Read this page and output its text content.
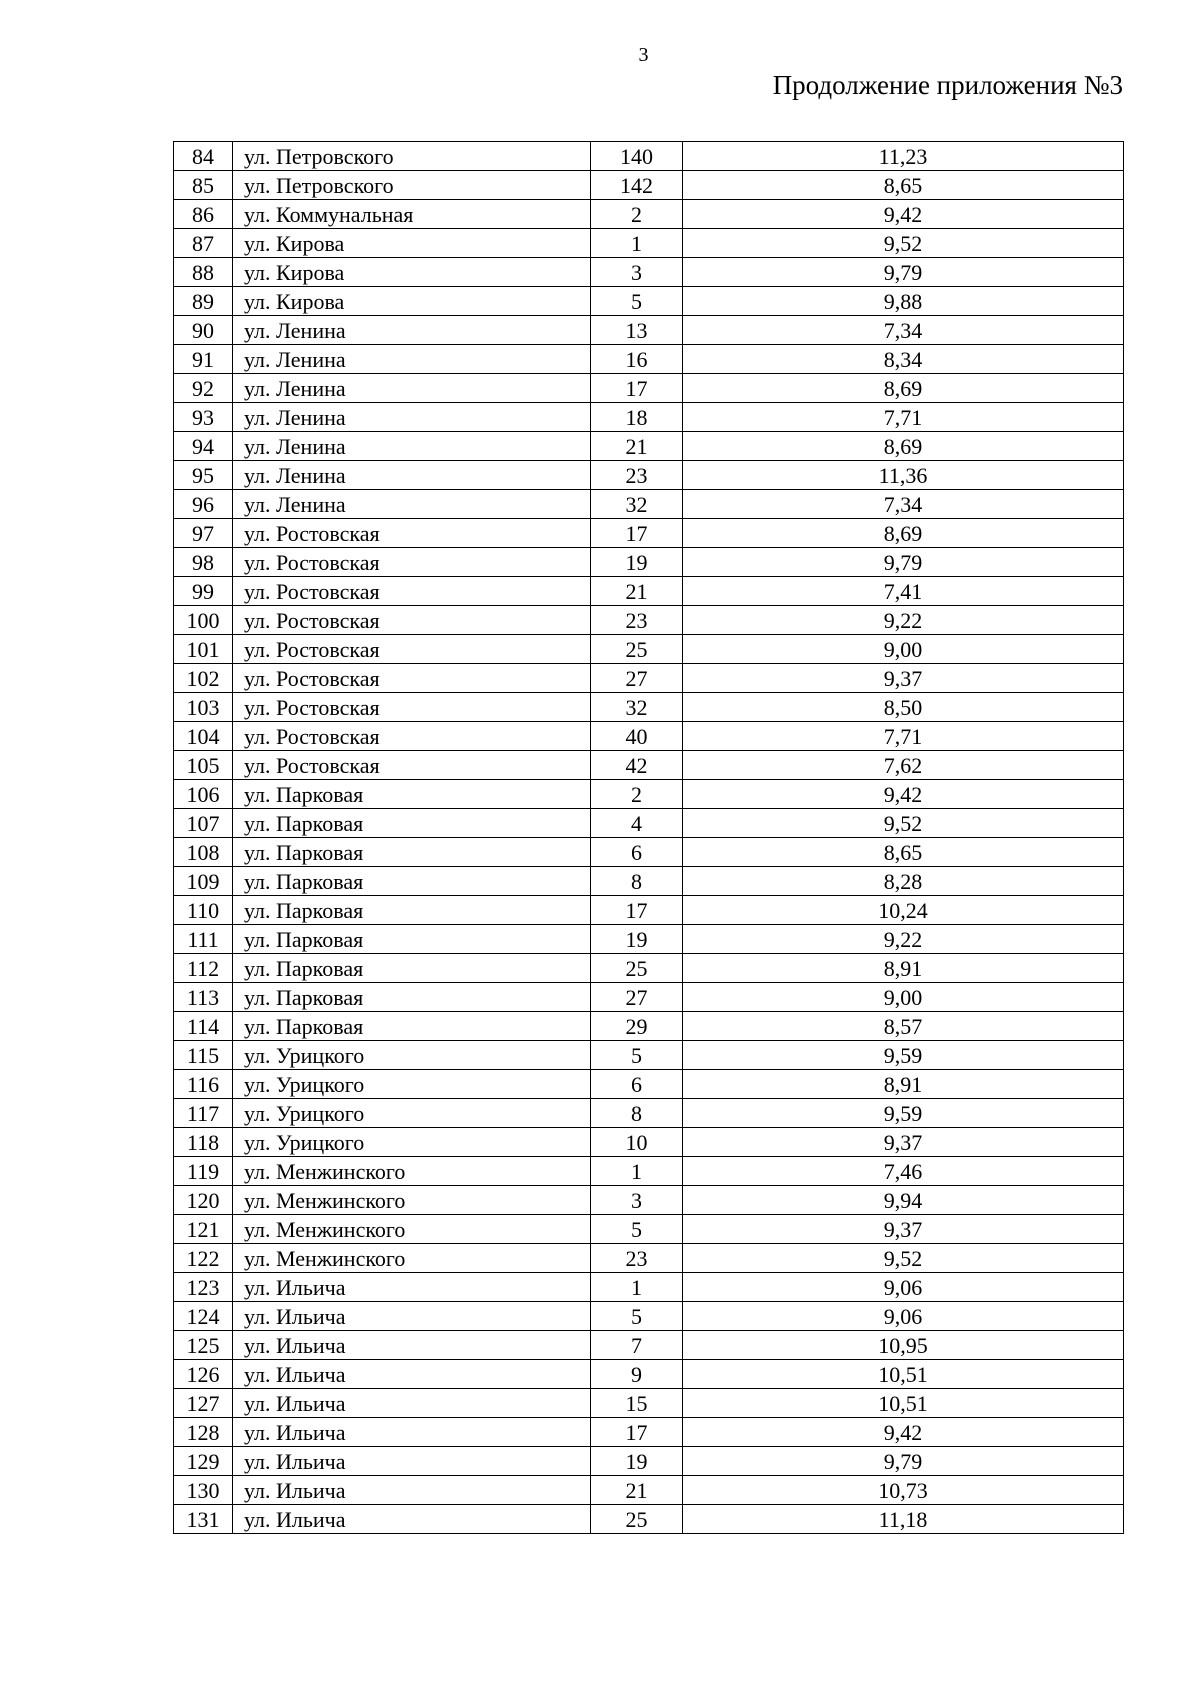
3
Продолжение приложения №3
84	ул. Петровского	140	11,23
85	ул. Петровского	142	8,65
86	ул. Коммунальная	2	9,42
87	ул. Кирова	1	9,52
88	ул. Кирова	3	9,79
89	ул. Кирова	5	9,88
90	ул. Ленина	13	7,34
91	ул. Ленина	16	8,34
92	ул. Ленина	17	8,69
93	ул. Ленина	18	7,71
94	ул. Ленина	21	8,69
95	ул. Ленина	23	11,36
96	ул. Ленина	32	7,34
97	ул. Ростовская	17	8,69
98	ул. Ростовская	19	9,79
99	ул. Ростовская	21	7,41
100	ул. Ростовская	23	9,22
101	ул. Ростовская	25	9,00
102	ул. Ростовская	27	9,37
103	ул. Ростовская	32	8,50
104	ул. Ростовская	40	7,71
105	ул. Ростовская	42	7,62
106	ул. Парковая	2	9,42
107	ул. Парковая	4	9,52
108	ул. Парковая	6	8,65
109	ул. Парковая	8	8,28
110	ул. Парковая	17	10,24
111	ул. Парковая	19	9,22
112	ул. Парковая	25	8,91
113	ул. Парковая	27	9,00
114	ул. Парковая	29	8,57
115	ул. Урицкого	5	9,59
116	ул. Урицкого	6	8,91
117	ул. Урицкого	8	9,59
118	ул. Урицкого	10	9,37
119	ул. Менжинского	1	7,46
120	ул. Менжинского	3	9,94
121	ул. Менжинского	5	9,37
122	ул. Менжинского	23	9,52
123	ул. Ильича	1	9,06
124	ул. Ильича	5	9,06
125	ул. Ильича	7	10,95
126	ул. Ильича	9	10,51
127	ул. Ильича	15	10,51
128	ул. Ильича	17	9,42
129	ул. Ильича	19	9,79
130	ул. Ильича	21	10,73
131	ул. Ильича	25	11,18
